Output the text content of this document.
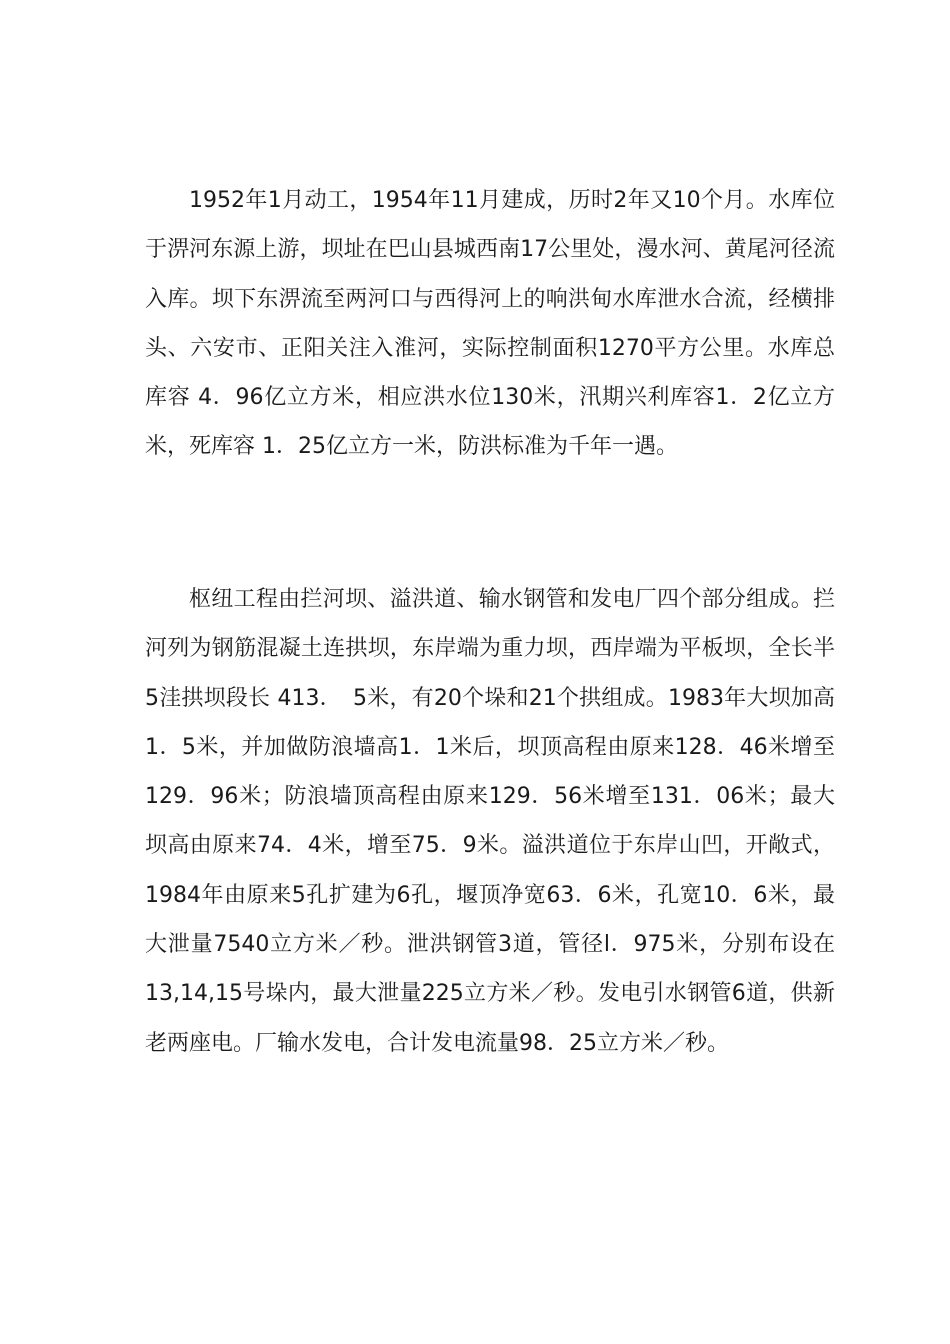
1952年1月动工，1954年11月建成，历时2年又10个月。水库位于淠河东源上游，坝址在巴山县城西南17公里处，漫水河、黄尾河径流入库。坝下东淠流至两河口与西得河上的响洪甸水库泄水合流，经横排头、六安市、正阳关注入淮河，实际控制面积1270平方公里。水库总库容 4．96亿立方米，相应洪水位130米，汛期兴利库容1．2亿立方米，死库容 1．25亿立方一米，防洪标准为千年一遇。

枢纽工程由拦河坝、溢洪道、输水钢管和发电厂四个部分组成。拦河列为钢筋混凝土连拱坝，东岸端为重力坝，西岸端为平板坝，全长半5洼拱坝段长 413．　5米，有20个垛和21个拱组成。1983年大坝加高1．5米，并加做防浪墙高1．1米后，坝顶高程由原来128．46米增至129．96米；防浪墙顶高程由原来129．56米增至131．06米；最大坝高由原来74．4米，增至75．9米。溢洪道位于东岸山凹，开敞式，1984年由原来5孔扩建为6孔，堰顶净宽63．6米，孔宽10．6米，最大泄量7540立方米／秒。泄洪钢管3道，管径l．975米，分别布设在13,14,15号垛内，最大泄量225立方米／秒。发电引水钢管6道，供新老两座电。厂输水发电，合计发电流量98．25立方米／秒。
